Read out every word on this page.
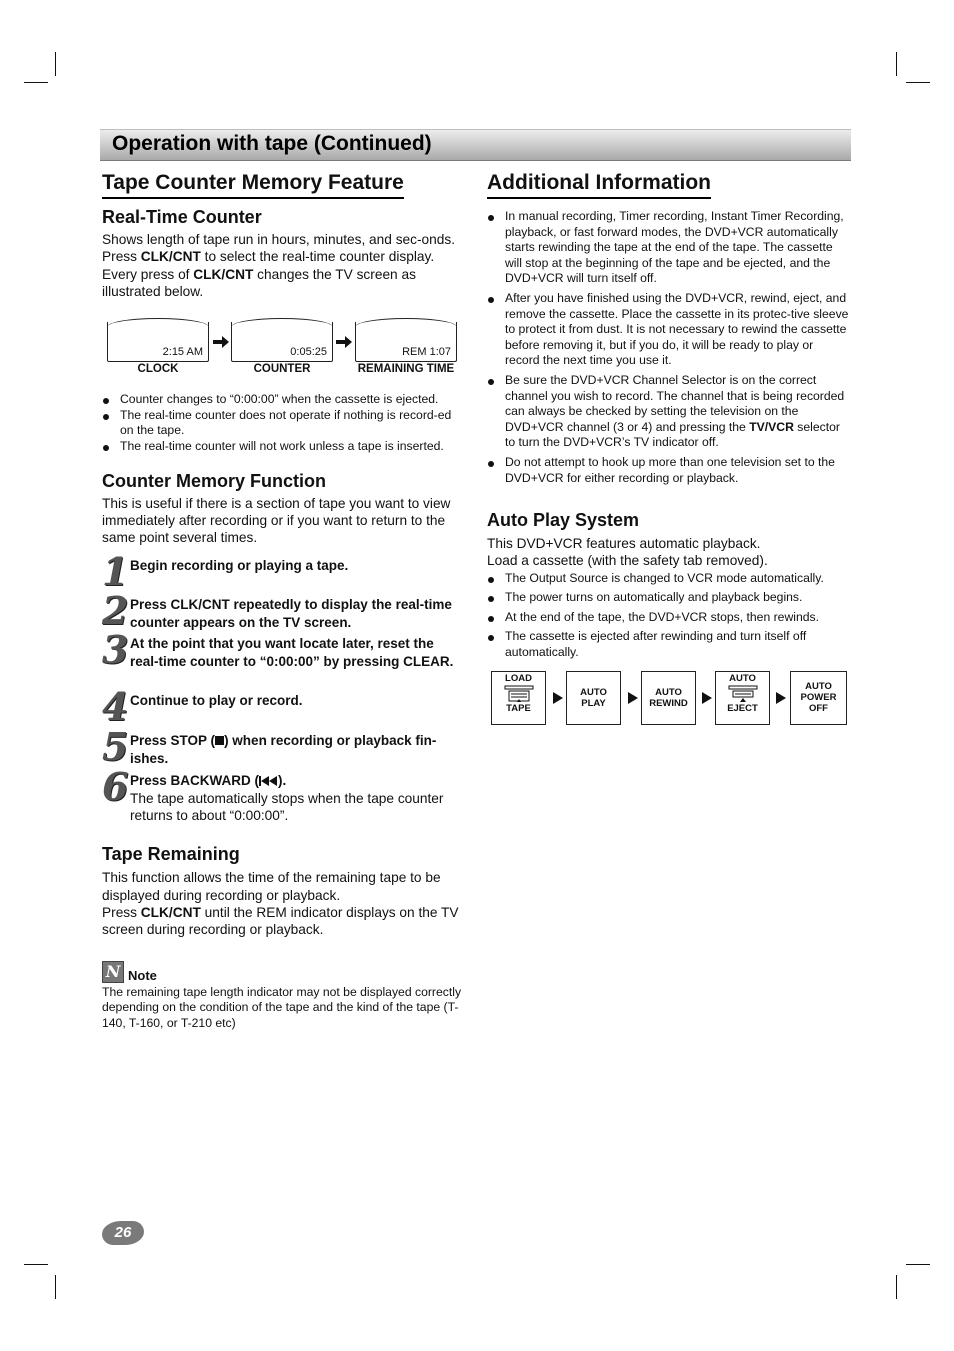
Operation with tape (Continued)
Tape Counter Memory Feature
Real-Time Counter

Shows length of tape run in hours, minutes, and sec-onds. Press CLK/CNT to select the real-time counter display.

Every press of CLK/CNT changes the TV screen as illustrated below.

2:15 AM
CLOCK
0:05:25
COUNTER
REM 1:07
REMAINING TIME
Counter changes to “0:00:00” when the cassette is ejected.
The real-time counter does not operate if nothing is record-ed on the tape.
The real-time counter will not work unless a tape is inserted.
Counter Memory Function

This is useful if there is a section of tape you want to view immediately after recording or if you want to return to the same point several times.

1 Begin recording or playing a tape.
2 Press CLK/CNT repeatedly to display the real-time counter appears on the TV screen.
3 At the point that you want locate later, reset the real-time counter to “0:00:00” by pressing CLEAR.
4 Continue to play or record.
5 Press STOP ( ) when recording or playback fin-ishes.
6 Press BACKWARD ( ).
The tape automatically stops when the tape counter returns to about “0:00:00”.
Tape Remaining

This function allows the time of the remaining tape to be displayed during recording or playback.

Press CLK/CNT until the REM indicator displays on the TV screen during recording or playback.

N Note
The remaining tape length indicator may not be displayed correctly depending on the condition of the tape and the kind of the tape (T-140, T-160, or T-210 etc)
Additional Information
In manual recording, Timer recording, Instant Timer Recording, playback, or fast forward modes, the DVD+VCR automatically starts rewinding the tape at the end of the tape. The cassette will stop at the beginning of the tape and be ejected, and the DVD+VCR will turn itself off.
After you have finished using the DVD+VCR, rewind, eject, and remove the cassette. Place the cassette in its protec-tive sleeve to protect it from dust. It is not necessary to rewind the cassette before removing it, but if you do, it will be ready to play or record the next time you use it.
Be sure the DVD+VCR Channel Selector is on the correct channel you wish to record. The channel that is being recorded can always be checked by setting the television on the DVD+VCR channel (3 or 4) and pressing the TV/VCR selector to turn the DVD+VCR’s TV indicator off.
Do not attempt to hook up more than one television set to the DVD+VCR for either recording or playback.
Auto Play System

This DVD+VCR features automatic playback.

Load a cassette (with the safety tab removed).

The Output Source is changed to VCR mode automatically.
The power turns on automatically and playback begins.
At the end of the tape, the DVD+VCR stops, then rewinds.
The cassette is ejected after rewinding and turn itself off automatically.
LOAD
TAPE
AUTO
PLAY
AUTO
REWIND
AUTO
EJECT
AUTO
POWER
OFF
26
